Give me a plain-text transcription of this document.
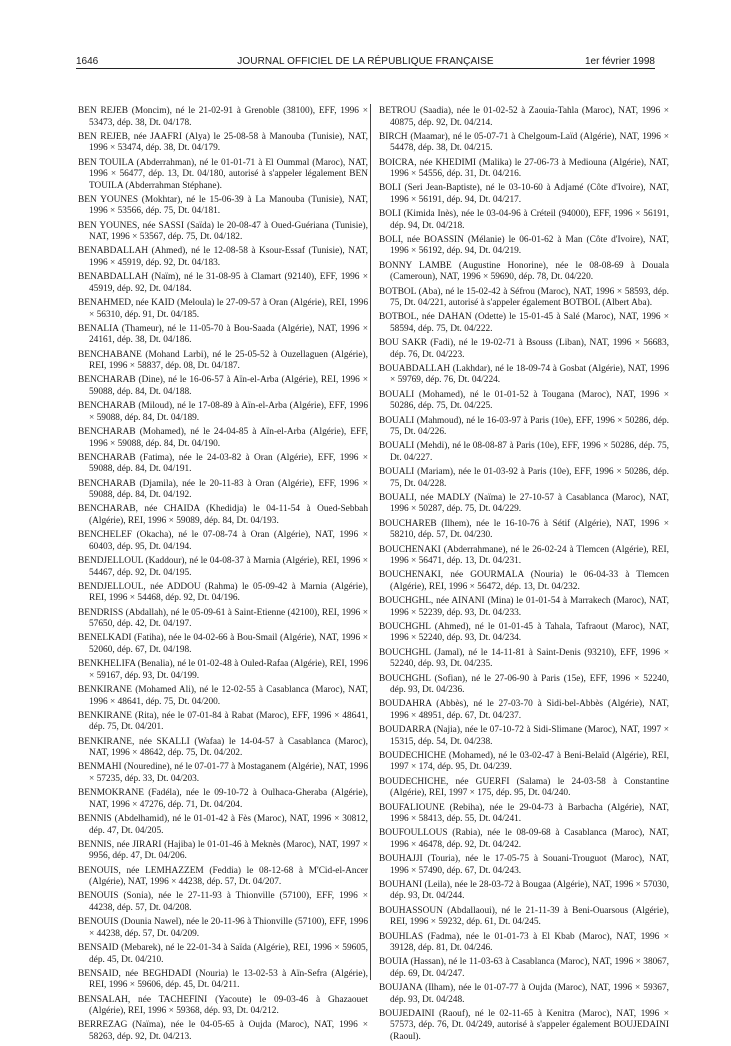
1646	JOURNAL OFFICIEL DE LA RÉPUBLIQUE FRANÇAISE	1er février 1998

BEN REJEB (Moncim), né le 21-02-91 à Grenoble (38100), EFF, 1996 × 53473, dép. 38, Dt. 04/178.

BEN REJEB, née JAAFRI (Alya) le 25-08-58 à Manouba (Tunisie), NAT, 1996 × 53474, dép. 38, Dt. 04/179.

BEN TOUILA (Abderrahman), né le 01-01-71 à El Oummal (Maroc), NAT, 1996 × 56477, dép. 13, Dt. 04/180, autorisé à s'appeler légalement BEN TOUILA (Abderrahman Stéphane).

BEN YOUNES (Mokhtar), né le 15-06-39 à La Manouba (Tunisie), NAT, 1996 × 53566, dép. 75, Dt. 04/181.

BEN YOUNES, née SASSI (Saïda) le 20-08-47 à Oued-Guériana (Tunisie), NAT, 1996 × 53567, dép. 75, Dt. 04/182.

BENABDALLAH (Ahmed), né le 12-08-58 à Ksour-Essaf (Tunisie), NAT, 1996 × 45919, dép. 92, Dt. 04/183.

BENABDALLAH (Naïm), né le 31-08-95 à Clamart (92140), EFF, 1996 × 45919, dép. 92, Dt. 04/184.

BENAHMED, née KAID (Meloula) le 27-09-57 à Oran (Algérie), REI, 1996 × 56310, dép. 91, Dt. 04/185.

BENALIA (Thameur), né le 11-05-70 à Bou-Saada (Algérie), NAT, 1996 × 24161, dép. 38, Dt. 04/186.

BENCHABANE (Mohand Larbi), né le 25-05-52 à Ouzellaguen (Algérie), REI, 1996 × 58837, dép. 08, Dt. 04/187.

BENCHARAB (Dine), né le 16-06-57 à Aïn-el-Arba (Algérie), REI, 1996 × 59088, dép. 84, Dt. 04/188.

BENCHARAB (Miloud), né le 17-08-89 à Aïn-el-Arba (Algérie), EFF, 1996 × 59088, dép. 84, Dt. 04/189.

BENCHARAB (Mohamed), né le 24-04-85 à Aïn-el-Arba (Algérie), EFF, 1996 × 59088, dép. 84, Dt. 04/190.

BENCHARAB (Fatima), née le 24-03-82 à Oran (Algérie), EFF, 1996 × 59088, dép. 84, Dt. 04/191.

BENCHARAB (Djamila), née le 20-11-83 à Oran (Algérie), EFF, 1996 × 59088, dép. 84, Dt. 04/192.

BENCHARAB, née CHAIDA (Khedidja) le 04-11-54 à Oued-Sebbah (Algérie), REI, 1996 × 59089, dép. 84, Dt. 04/193.

BENCHELEF (Okacha), né le 07-08-74 à Oran (Algérie), NAT, 1996 × 60403, dép. 95, Dt. 04/194.

BENDJELLOUL (Kaddour), né le 04-08-37 à Marnia (Algérie), REI, 1996 × 54467, dép. 92, Dt. 04/195.

BENDJELLOUL, née ADDOU (Rahma) le 05-09-42 à Marnia (Algérie), REI, 1996 × 54468, dép. 92, Dt. 04/196.

BENDRISS (Abdallah), né le 05-09-61 à Saint-Etienne (42100), REI, 1996 × 57650, dép. 42, Dt. 04/197.

BENELKADI (Fatiha), née le 04-02-66 à Bou-Smail (Algérie), NAT, 1996 × 52060, dép. 67, Dt. 04/198.

BENKHELIFA (Benalia), né le 01-02-48 à Ouled-Rafaa (Algérie), REI, 1996 × 59167, dép. 93, Dt. 04/199.

BENKIRANE (Mohamed Ali), né le 12-02-55 à Casablanca (Maroc), NAT, 1996 × 48641, dép. 75, Dt. 04/200.

BENKIRANE (Rita), née le 07-01-84 à Rabat (Maroc), EFF, 1996 × 48641, dép. 75, Dt. 04/201.

BENKIRANE, née SKALLI (Wafaa) le 14-04-57 à Casablanca (Maroc), NAT, 1996 × 48642, dép. 75, Dt. 04/202.

BENMAHI (Nouredine), né le 07-01-77 à Mostaganem (Algérie), NAT, 1996 × 57235, dép. 33, Dt. 04/203.

BENMOKRANE (Fadéla), née le 09-10-72 à Oulhaca-Gheraba (Algérie), NAT, 1996 × 47276, dép. 71, Dt. 04/204.

BENNIS (Abdelhamid), né le 01-01-42 à Fès (Maroc), NAT, 1996 × 30812, dép. 47, Dt. 04/205.

BENNIS, née JIRARI (Hajiba) le 01-01-46 à Meknès (Maroc), NAT, 1997 × 9956, dép. 47, Dt. 04/206.

BENOUIS, née LEMHAZZEM (Feddia) le 08-12-68 à M'Cid-el-Ancer (Algérie), NAT, 1996 × 44238, dép. 57, Dt. 04/207.

BENOUIS (Sonia), née le 27-11-93 à Thionville (57100), EFF, 1996 × 44238, dép. 57, Dt. 04/208.

BENOUIS (Dounia Nawel), née le 20-11-96 à Thionville (57100), EFF, 1996 × 44238, dép. 57, Dt. 04/209.

BENSAID (Mebarek), né le 22-01-34 à Saïda (Algérie), REI, 1996 × 59605, dép. 45, Dt. 04/210.

BENSAID, née BEGHDADI (Nouria) le 13-02-53 à Aïn-Sefra (Algérie), REI, 1996 × 59606, dép. 45, Dt. 04/211.

BENSALAH, née TACHEFINI (Yacoute) le 09-03-46 à Ghazaouet (Algérie), REI, 1996 × 59368, dép. 93, Dt. 04/212.

BERREZAG (Naïma), née le 04-05-65 à Oujda (Maroc), NAT, 1996 × 58263, dép. 92, Dt. 04/213.

BETROU (Saadia), née le 01-02-52 à Zaouia-Tahla (Maroc), NAT, 1996 × 40875, dép. 92, Dt. 04/214.

BIRCH (Maamar), né le 05-07-71 à Chelgoum-Laïd (Algérie), NAT, 1996 × 54478, dép. 38, Dt. 04/215.

BOICRA, née KHEDIMI (Malika) le 27-06-73 à Mediouna (Algérie), NAT, 1996 × 54556, dép. 31, Dt. 04/216.

BOLI (Seri Jean-Baptiste), né le 03-10-60 à Adjamé (Côte d'Ivoire), NAT, 1996 × 56191, dép. 94, Dt. 04/217.

BOLI (Kimida Inès), née le 03-04-96 à Créteil (94000), EFF, 1996 × 56191, dép. 94, Dt. 04/218.

BOLI, née BOASSIN (Mélanie) le 06-01-62 à Man (Côte d'Ivoire), NAT, 1996 × 56192, dép. 94, Dt. 04/219.

BONNY LAMBE (Augustine Honorine), née le 08-08-69 à Douala (Cameroun), NAT, 1996 × 59690, dép. 78, Dt. 04/220.

BOTBOL (Aba), né le 15-02-42 à Séfrou (Maroc), NAT, 1996 × 58593, dép. 75, Dt. 04/221, autorisé à s'appeler également BOTBOL (Albert Aba).

BOTBOL, née DAHAN (Odette) le 15-01-45 à Salé (Maroc), NAT, 1996 × 58594, dép. 75, Dt. 04/222.

BOU SAKR (Fadi), né le 19-02-71 à Bsouss (Liban), NAT, 1996 × 56683, dép. 76, Dt. 04/223.

BOUABDALLAH (Lakhdar), né le 18-09-74 à Gosbat (Algérie), NAT, 1996 × 59769, dép. 76, Dt. 04/224.

BOUALI (Mohamed), né le 01-01-52 à Tougana (Maroc), NAT, 1996 × 50286, dép. 75, Dt. 04/225.

BOUALI (Mahmoud), né le 16-03-97 à Paris (10e), EFF, 1996 × 50286, dép. 75, Dt. 04/226.

BOUALI (Mehdi), né le 08-08-87 à Paris (10e), EFF, 1996 × 50286, dép. 75, Dt. 04/227.

BOUALI (Mariam), née le 01-03-92 à Paris (10e), EFF, 1996 × 50286, dép. 75, Dt. 04/228.

BOUALI, née MADLY (Naïma) le 27-10-57 à Casablanca (Maroc), NAT, 1996 × 50287, dép. 75, Dt. 04/229.

BOUCHAREB (Ilhem), née le 16-10-76 à Sétif (Algérie), NAT, 1996 × 58210, dép. 57, Dt. 04/230.

BOUCHENAKI (Abderrahmane), né le 26-02-24 à Tlemcen (Algérie), REI, 1996 × 56471, dép. 13, Dt. 04/231.

BOUCHENAKI, née GOURMALA (Nouria) le 06-04-33 à Tlemcen (Algérie), REI, 1996 × 56472, dép. 13, Dt. 04/232.

BOUCHGHL, née AINANI (Mina) le 01-01-54 à Marrakech (Maroc), NAT, 1996 × 52239, dép. 93, Dt. 04/233.

BOUCHGHL (Ahmed), né le 01-01-45 à Tahala, Tafraout (Maroc), NAT, 1996 × 52240, dép. 93, Dt. 04/234.

BOUCHGHL (Jamal), né le 14-11-81 à Saint-Denis (93210), EFF, 1996 × 52240, dép. 93, Dt. 04/235.

BOUCHGHL (Sofian), né le 27-06-90 à Paris (15e), EFF, 1996 × 52240, dép. 93, Dt. 04/236.

BOUDAHRA (Abbès), né le 27-03-70 à Sidi-bel-Abbès (Algérie), NAT, 1996 × 48951, dép. 67, Dt. 04/237.

BOUDARRA (Najia), née le 07-10-72 à Sidi-Slimane (Maroc), NAT, 1997 × 15315, dép. 54, Dt. 04/238.

BOUDECHICHE (Mohamed), né le 03-02-47 à Beni-Belaïd (Algérie), REI, 1997 × 174, dép. 95, Dt. 04/239.

BOUDECHICHE, née GUERFI (Salama) le 24-03-58 à Constantine (Algérie), REI, 1997 × 175, dép. 95, Dt. 04/240.

BOUFALIOUNE (Rebiha), née le 29-04-73 à Barbacha (Algérie), NAT, 1996 × 58413, dép. 55, Dt. 04/241.

BOUFOULLOUS (Rabia), née le 08-09-68 à Casablanca (Maroc), NAT, 1996 × 46478, dép. 92, Dt. 04/242.

BOUHAJJI (Touria), née le 17-05-75 à Souani-Trouguot (Maroc), NAT, 1996 × 57490, dép. 67, Dt. 04/243.

BOUHANI (Leila), née le 28-03-72 à Bougaa (Algérie), NAT, 1996 × 57030, dép. 93, Dt. 04/244.

BOUHASSOUN (Abdallaoui), né le 21-11-39 à Beni-Ouarsous (Algérie), REI, 1996 × 59232, dép. 61, Dt. 04/245.

BOUHLAS (Fadma), née le 01-01-73 à El Kbab (Maroc), NAT, 1996 × 39128, dép. 81, Dt. 04/246.

BOUIA (Hassan), né le 11-03-63 à Casablanca (Maroc), NAT, 1996 × 38067, dép. 69, Dt. 04/247.

BOUJANA (Ilham), née le 01-07-77 à Oujda (Maroc), NAT, 1996 × 59367, dép. 93, Dt. 04/248.

BOUJEDAINI (Raouf), né le 02-11-65 à Kenitra (Maroc), NAT, 1996 × 57573, dép. 76, Dt. 04/249, autorisé à s'appeler également BOUJEDAINI (Raoul).
